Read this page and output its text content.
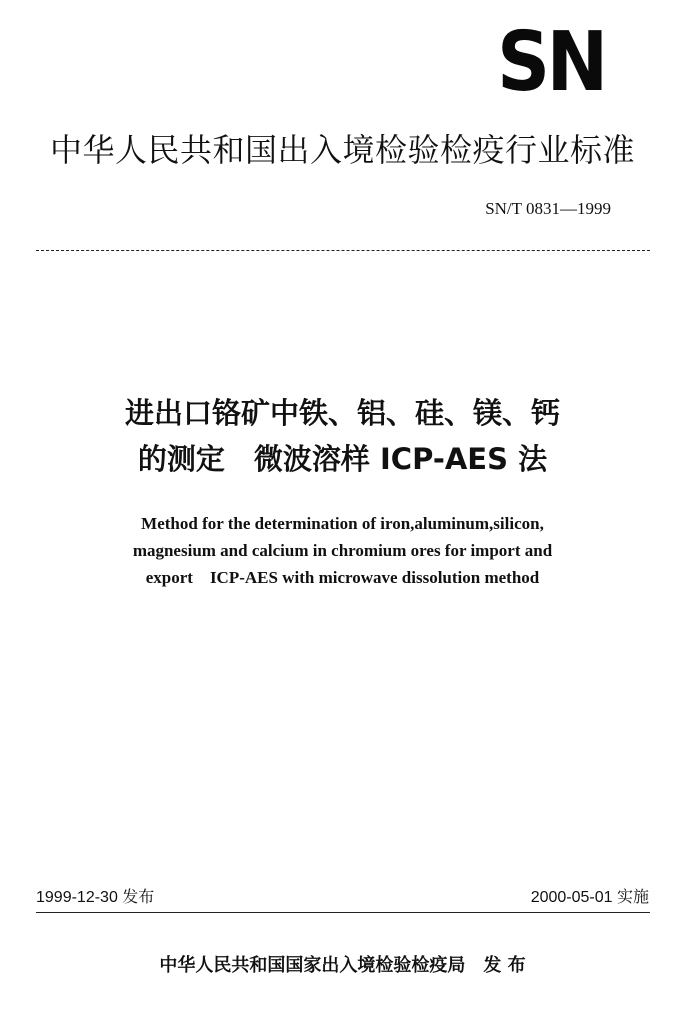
SN
中华人民共和国出入境检验检疫行业标准
SN/T 0831—1999
进出口铬矿中铁、铝、硅、镁、钙
的测定　微波溶样 ICP-AES 法
Method for the determination of iron,aluminum,silicon,
magnesium and calcium in chromium ores for import and
export　ICP-AES with microwave dissolution method
1999-12-30 发布	2000-05-01 实施
中华人民共和国国家出入境检验检疫局 发 布
